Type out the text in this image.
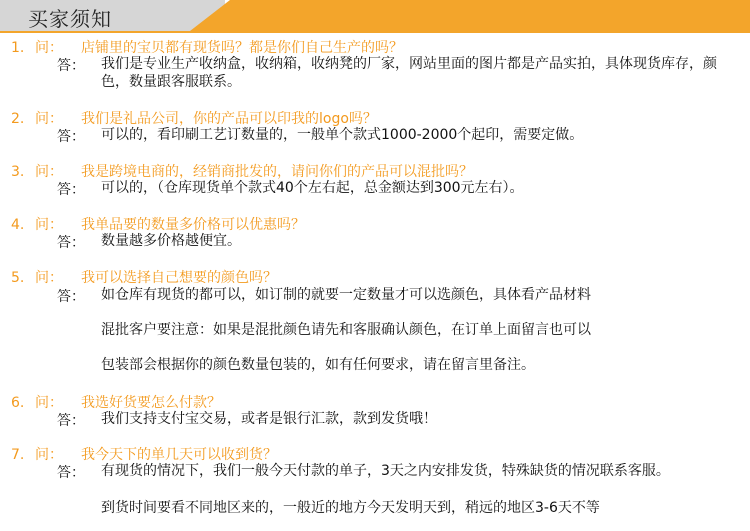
买家须知
1. 问： 店铺里的宝贝都有现货吗？都是你们自己生产的吗？
答： 我们是专业生产收纳盒，收纳箱，收纳凳的厂家，网站里面的图片都是产品实拍，具体现货库存，颜色，数量跟客服联系。
2. 问： 我们是礼品公司，你的产品可以印我的logo吗？
答： 可以的，看印刷工艺订数量的，一般单个款式1000-2000个起印，需要定做。
3. 问： 我是跨境电商的，经销商批发的，请问你们的产品可以混批吗？
答： 可以的，（仓库现货单个款式40个左右起，总金额达到300元左右）。
4. 问： 我单品要的数量多价格可以优惠吗？
答： 数量越多价格越便宜。
5. 问： 我可以选择自己想要的颜色吗？
答： 如仓库有现货的都可以，如订制的就要一定数量才可以选颜色，具体看产品材料
混批客户要注意：如果是混批颜色请先和客服确认颜色，在订单上面留言也可以
包装部会根据你的颜色数量包装的，如有任何要求，请在留言里备注。
6. 问： 我选好货要怎么付款？
答： 我们支持支付宝交易，或者是银行汇款，款到发货哦！
7. 问： 我今天下的单几天可以收到货？
答： 有现货的情况下，我们一般今天付款的单子，3天之内安排发货，特殊缺货的情况联系客服。
到货时间要看不同地区来的，一般近的地方今天发明天到，稍远的地区3-6天不等
